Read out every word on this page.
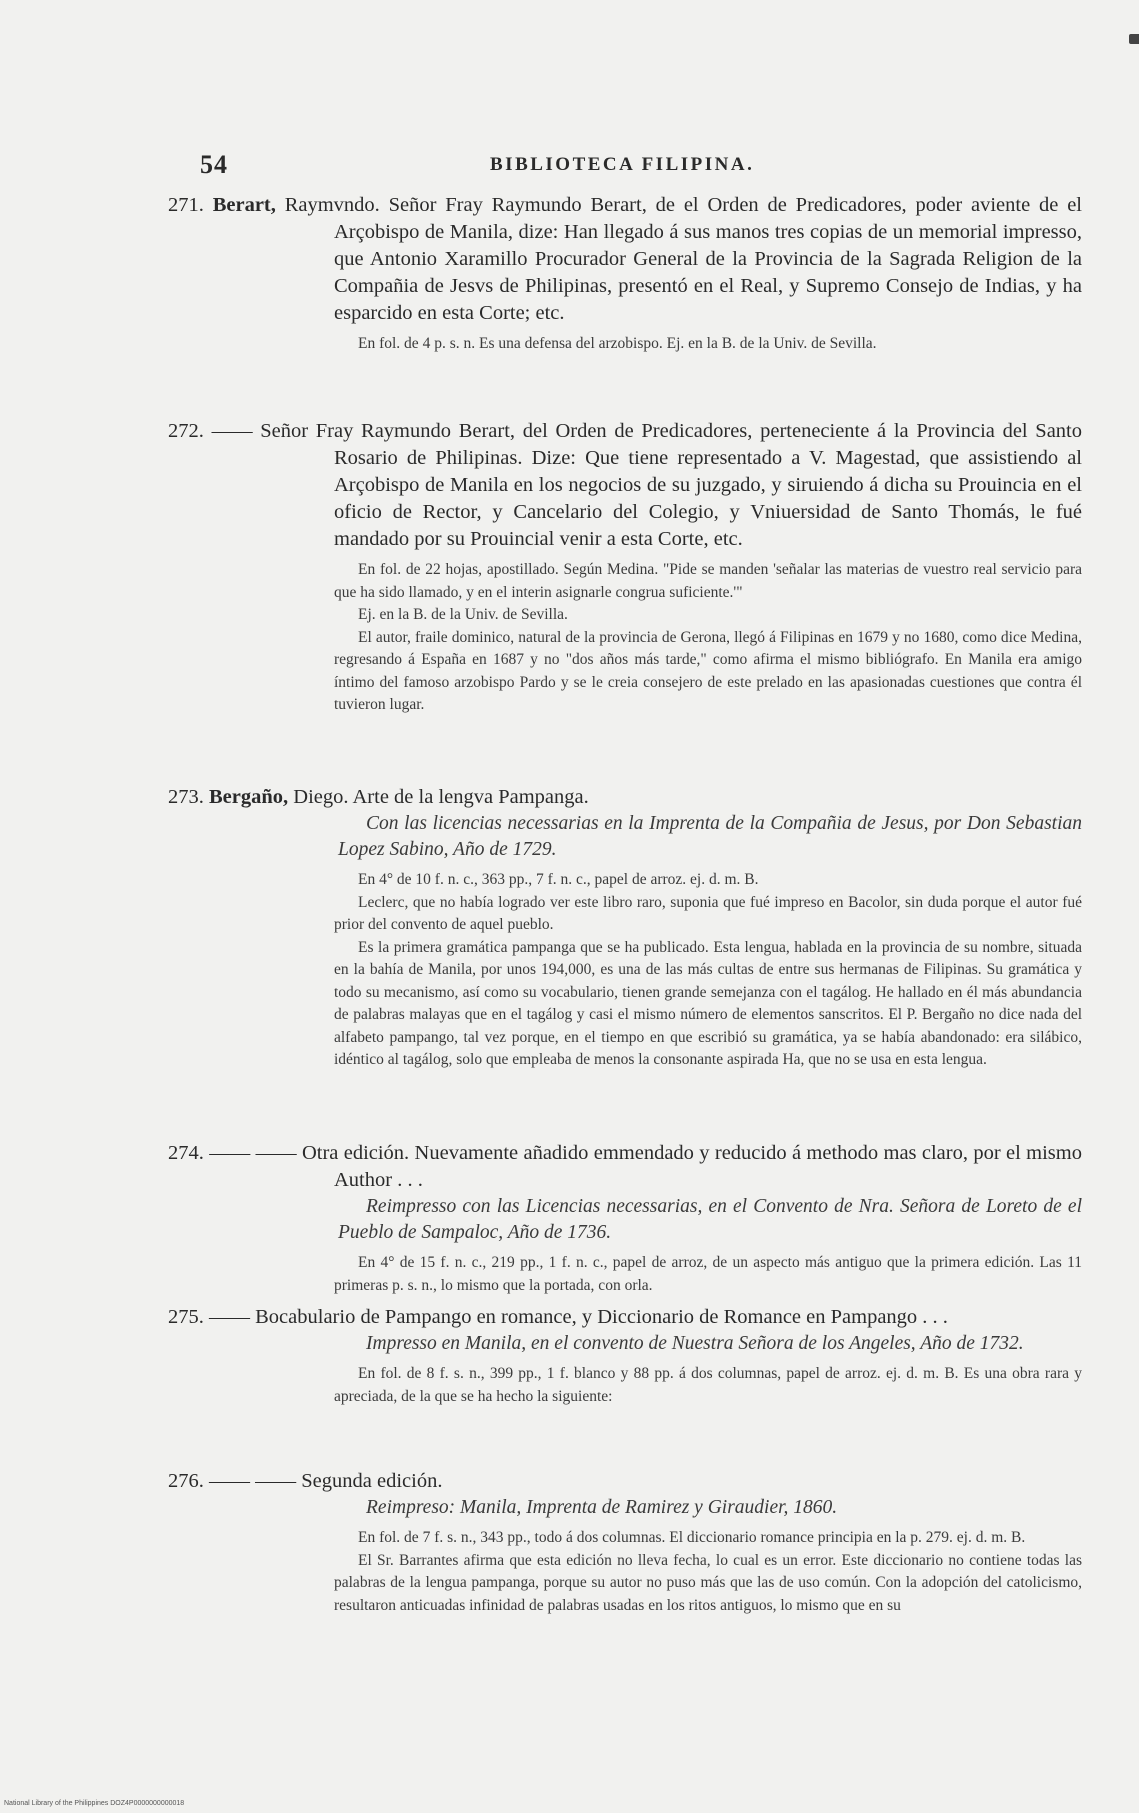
54	BIBLIOTECA FILIPINA.

271. Berart, Raymvndo. Señor Fray Raymundo Berart, de el Orden de Predicadores, poder aviente de el Arçobispo de Manila, dize: Han llegado á sus manos tres copias de un memorial impresso, que Antonio Xaramillo Procurador General de la Provincia de la Sagrada Religion de la Compañia de Jesvs de Philipinas, presentó en el Real, y Supremo Consejo de Indias, y ha esparcido en esta Corte; etc.

En fol. de 4 p. s. n. Es una defensa del arzobispo. Ej. en la B. de la Univ. de Sevilla.

272. —— Señor Fray Raymundo Berart, del Orden de Predicadores, perteneciente á la Provincia del Santo Rosario de Philipinas. Dize: Que tiene representado a V. Magestad, que assistiendo al Arçobispo de Manila en los negocios de su juzgado, y siruiendo á dicha su Prouincia en el oficio de Rector, y Cancelario del Colegio, y Vniuersidad de Santo Thomás, le fué mandado por su Prouincial venir a esta Corte, etc.

En fol. de 22 hojas, apostillado. Según Medina. "Pide se manden 'señalar las materias de vuestro real servicio para que ha sido llamado, y en el interin asignarle congrua suficiente.'"

Ej. en la B. de la Univ. de Sevilla.

El autor, fraile dominico, natural de la provincia de Gerona, llegó á Filipinas en 1679 y no 1680, como dice Medina, regresando á España en 1687 y no "dos años más tarde," como afirma el mismo bibliógrafo. En Manila era amigo íntimo del famoso arzobispo Pardo y se le creia consejero de este prelado en las apasionadas cuestiones que contra él tuvieron lugar.

273. Bergaño, Diego. Arte de la lengva Pampanga.

Con las licencias necessarias en la Imprenta de la Compañia de Jesus, por Don Sebastian Lopez Sabino, Año de 1729.

En 4° de 10 f. n. c., 363 pp., 7 f. n. c., papel de arroz. ej. d. m. B.

Leclerc, que no había logrado ver este libro raro, suponia que fué impreso en Bacolor, sin duda porque el autor fué prior del convento de aquel pueblo.

Es la primera gramática pampanga que se ha publicado. Esta lengua, hablada en la provincia de su nombre, situada en la bahía de Manila, por unos 194,000, es una de las más cultas de entre sus hermanas de Filipinas. Su gramática y todo su mecanismo, así como su vocabulario, tienen grande semejanza con el tagálog. He hallado en él más abundancia de palabras malayas que en el tagálog y casi el mismo número de elementos sanscritos. El P. Bergaño no dice nada del alfabeto pampango, tal vez porque, en el tiempo en que escribió su gramática, ya se había abandonado: era silábico, idéntico al tagálog, solo que empleaba de menos la consonante aspirada Ha, que no se usa en esta lengua.

274. —— —— Otra edición. Nuevamente añadido emmendado y reducido á methodo mas claro, por el mismo Author . . .

Reimpresso con las Licencias necessarias, en el Convento de Nra. Señora de Loreto de el Pueblo de Sampaloc, Año de 1736.

En 4° de 15 f. n. c., 219 pp., 1 f. n. c., papel de arroz, de un aspecto más antiguo que la primera edición. Las 11 primeras p. s. n., lo mismo que la portada, con orla.

275. —— Bocabulario de Pampango en romance, y Diccionario de Romance en Pampango . . .

Impresso en Manila, en el convento de Nuestra Señora de los Angeles, Año de 1732.

En fol. de 8 f. s. n., 399 pp., 1 f. blanco y 88 pp. á dos columnas, papel de arroz. ej. d. m. B. Es una obra rara y apreciada, de la que se ha hecho la siguiente:

276. —— —— Segunda edición.

Reimpreso: Manila, Imprenta de Ramirez y Giraudier, 1860.

En fol. de 7 f. s. n., 343 pp., todo á dos columnas. El diccionario romance principia en la p. 279. ej. d. m. B.

El Sr. Barrantes afirma que esta edición no lleva fecha, lo cual es un error. Este diccionario no contiene todas las palabras de la lengua pampanga, porque su autor no puso más que las de uso común. Con la adopción del catolicismo, resultaron anticuadas infinidad de palabras usadas en los ritos antiguos, lo mismo que en su

National Library of the Philippines DOZ4P0000000000018
